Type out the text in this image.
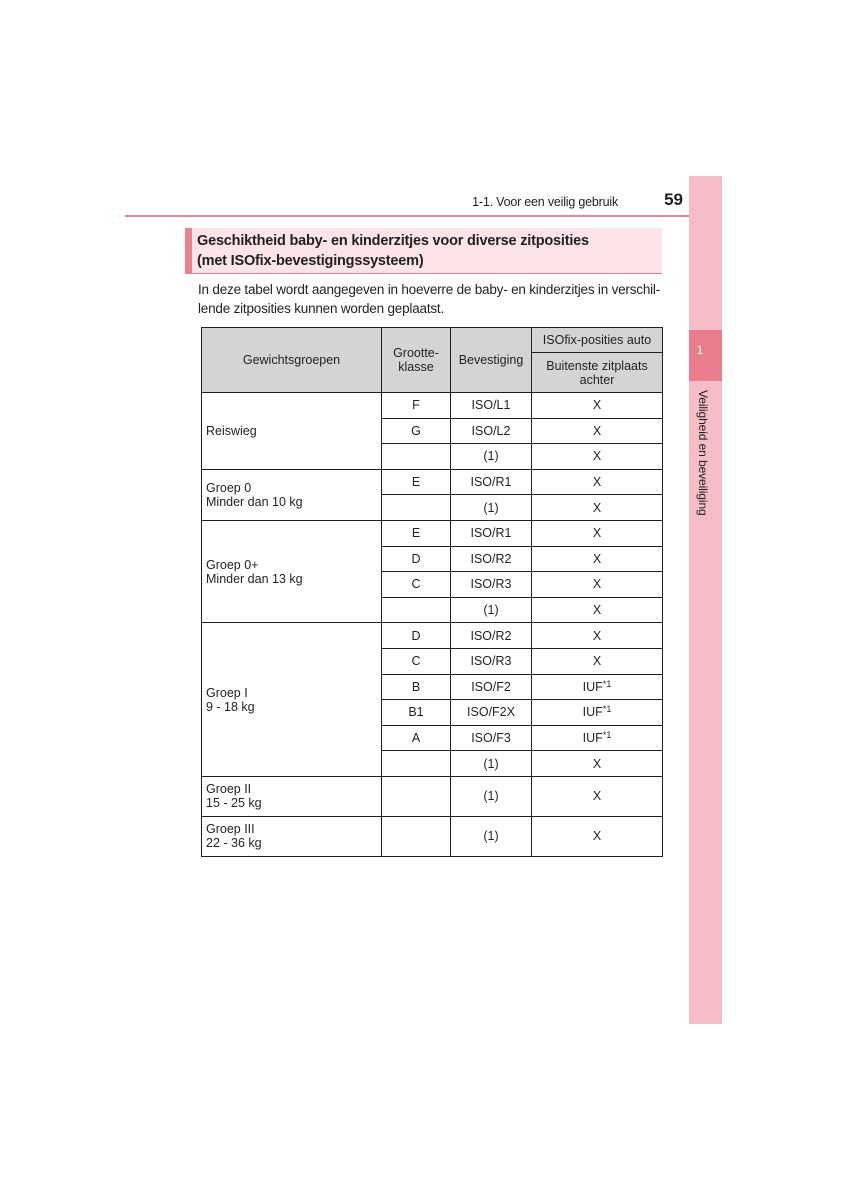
1-1. Voor een veilig gebruik	59
1
Veiligheid en beveiliging
Geschiktheid baby- en kinderzitjes voor diverse zitposities
(met ISOfix-bevestigingssysteem)
In deze tabel wordt aangegeven in hoeverre de baby- en kinderzitjes in verschil-lende zitposities kunnen worden geplaatst.
Gewichtsgroepen	Grootte-klasse	Bevestiging	ISOfix-posities auto
			Buitenste zitplaats achter

Reiswieg	F	ISO/L1	X
	G	ISO/L2	X
		(1)	X

Groep 0
Minder dan 10 kg	E	ISO/R1	X
		(1)	X

Groep 0+
Minder dan 13 kg	E	ISO/R1	X
	D	ISO/R2	X
	C	ISO/R3	X
		(1)	X

Groep I
9 - 18 kg	D	ISO/R2	X
	C	ISO/R3	X
	B	ISO/F2	IUF$^{*1}$
	B1	ISO/F2X	IUF$^{*1}$
	A	ISO/F3	IUF$^{*1}$
		(1)	X

Groep II
15 - 25 kg		(1)	X

Groep III
22 - 36 kg		(1)	X
